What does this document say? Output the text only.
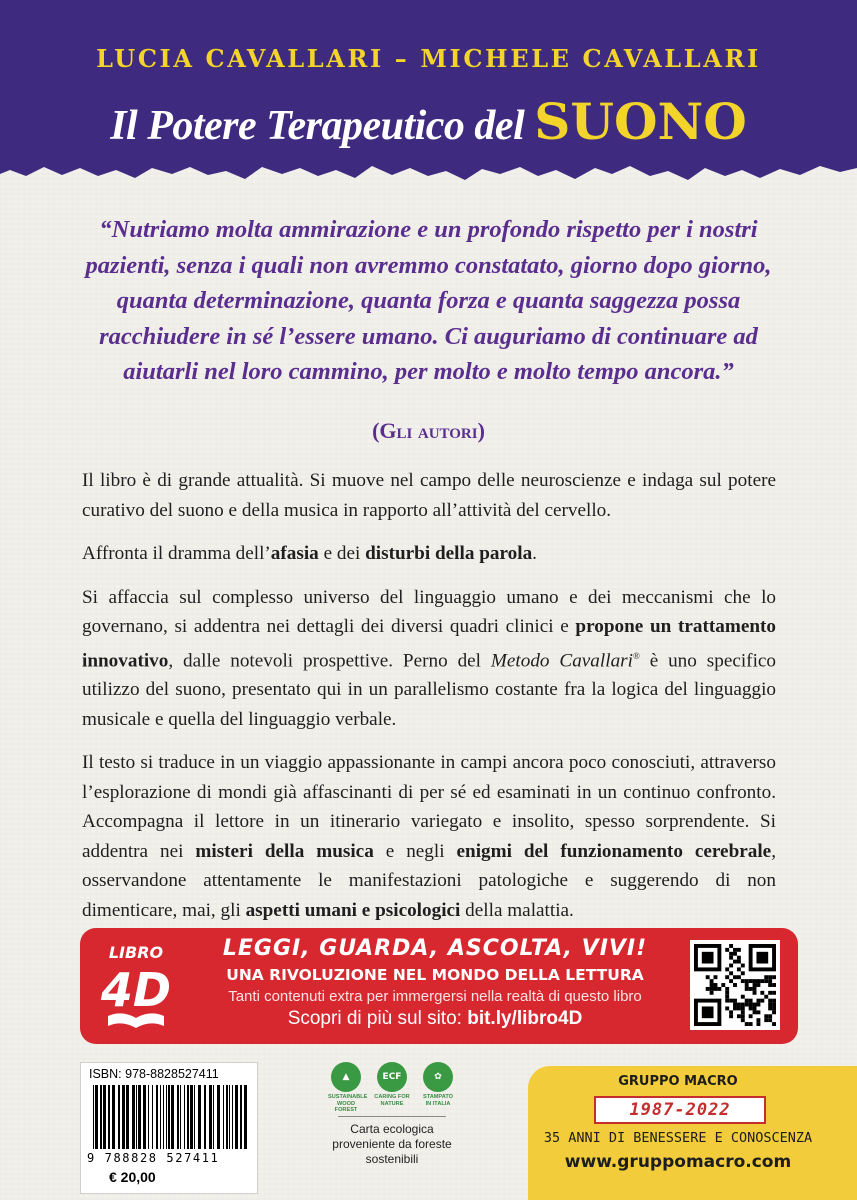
LUCIA CAVALLARI – MICHELE CAVALLARI
Il Potere Terapeutico del SUONO
“Nutriamo molta ammirazione e un profondo rispetto per i nostri pazienti, senza i quali non avremmo constatato, giorno dopo giorno, quanta determinazione, quanta forza e quanta saggezza possa racchiudere in sé l’essere umano. Ci auguriamo di continuare ad aiutarli nel loro cammino, per molto e molto tempo ancora.”
(Gli autori)

Il libro è di grande attualità. Si muove nel campo delle neuroscienze e indaga sul potere curativo del suono e della musica in rapporto all’attività del cervello.

Affronta il dramma dell’afasia e dei disturbi della parola.

Si affaccia sul complesso universo del linguaggio umano e dei meccanismi che lo governano, si addentra nei dettagli dei diversi quadri clinici e propone un trattamento innovativo, dalle notevoli prospettive. Perno del Metodo Cavallari® è uno specifico utilizzo del suono, presentato qui in un parallelismo costante fra la logica del linguaggio musicale e quella del linguaggio verbale.

Il testo si traduce in un viaggio appassionante in campi ancora poco conosciuti, attraverso l’esplorazione di mondi già affascinanti di per sé ed esaminati in un continuo confronto. Accompagna il lettore in un itinerario variegato e insolito, spesso sorprendente. Si addentra nei misteri della musica e negli enigmi del funzionamento cerebrale, osservandone attentamente le manifestazioni patologiche e suggerendo di non dimenticare, mai, gli aspetti umani e psicologici della malattia.

LIBRO
4D
LEGGI, GUARDA, ASCOLTA, VIVI!
UNA RIVOLUZIONE NEL MONDO DELLA LETTURA
Tanti contenuti extra per immergersi nella realtà di questo libro
Scopri di più sul sito: bit.ly/libro4D
ISBN: 978-8828527411
9 788828 527411
€ 20,00
▲
SUSTAINABLE WOOD FOREST
ECF
CARING FOR NATURE
✿
STAMPATO IN ITALIA
Carta ecologica proveniente da foreste sostenibili
GRUPPO MACRO
1987-2022
35 ANNI DI BENESSERE E CONOSCENZA
www.gruppomacro.com
